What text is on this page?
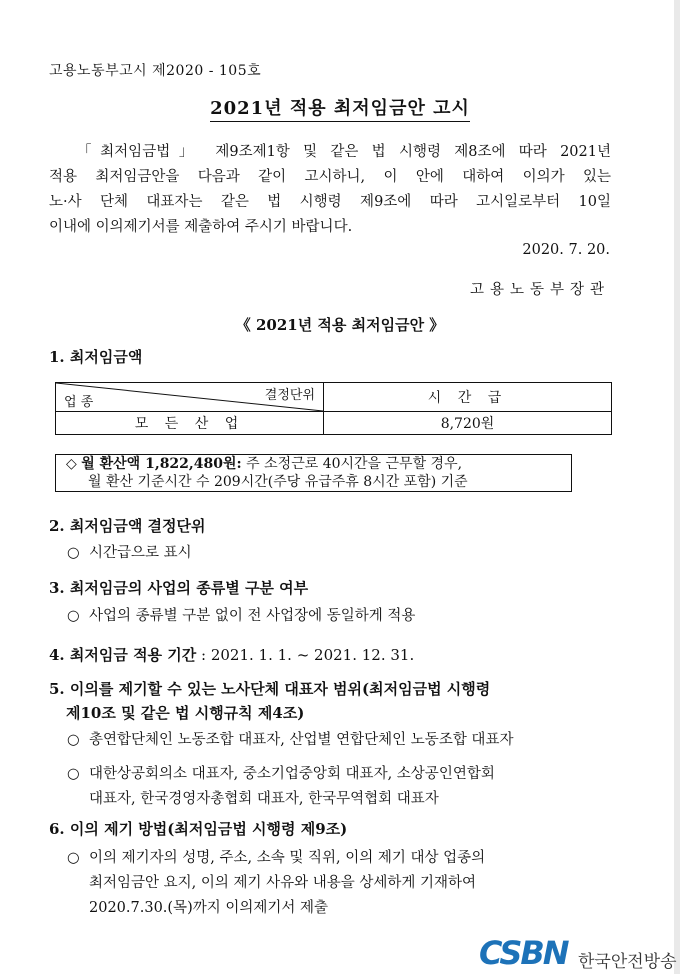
고용노동부고시 제2020 - 105호
2021년 적용 최저임금안 고시
「최저임금법」 제9조제1항 및 같은 법 시행령 제8조에 따라 2021년
적용 최저임금안을 다음과 같이 고시하니, 이 안에 대하여 이의가 있는
노·사 단체 대표자는 같은 법 시행령 제9조에 따라 고시일로부터 10일
이내에 이의제기서를 제출하여 주시기 바랍니다.
2020. 7. 20.
고용노동부장관
《 2021년 적용 최저임금안 》
1. 최저임금액
결정단위
업 종	시 간 급
모 든 산 업	8,720원
◇ 월 환산액 1,822,480원: 주 소정근로 40시간을 근무할 경우,
월 환산 기준시간 수 209시간(주당 유급주휴 8시간 포함) 기준
2. 최저임금액 결정단위
○ 시간급으로 표시
3. 최저임금의 사업의 종류별 구분 여부
○ 사업의 종류별 구분 없이 전 사업장에 동일하게 적용
4. 최저임금 적용 기간 : 2021. 1. 1. ~ 2021. 12. 31.
5. 이의를 제기할 수 있는 노사단체 대표자 범위(최저임금법 시행령
제10조 및 같은 법 시행규칙 제4조)
○ 총연합단체인 노동조합 대표자, 산업별 연합단체인 노동조합 대표자
○ 대한상공회의소 대표자, 중소기업중앙회 대표자, 소상공인연합회
대표자, 한국경영자총협회 대표자, 한국무역협회 대표자
6. 이의 제기 방법(최저임금법 시행령 제9조)
○ 이의 제기자의 성명, 주소, 소속 및 직위, 이의 제기 대상 업종의
최저임금안 요지, 이의 제기 사유와 내용을 상세하게 기재하여
2020.7.30.(목)까지 이의제기서 제출
CSBN 한국안전방송
